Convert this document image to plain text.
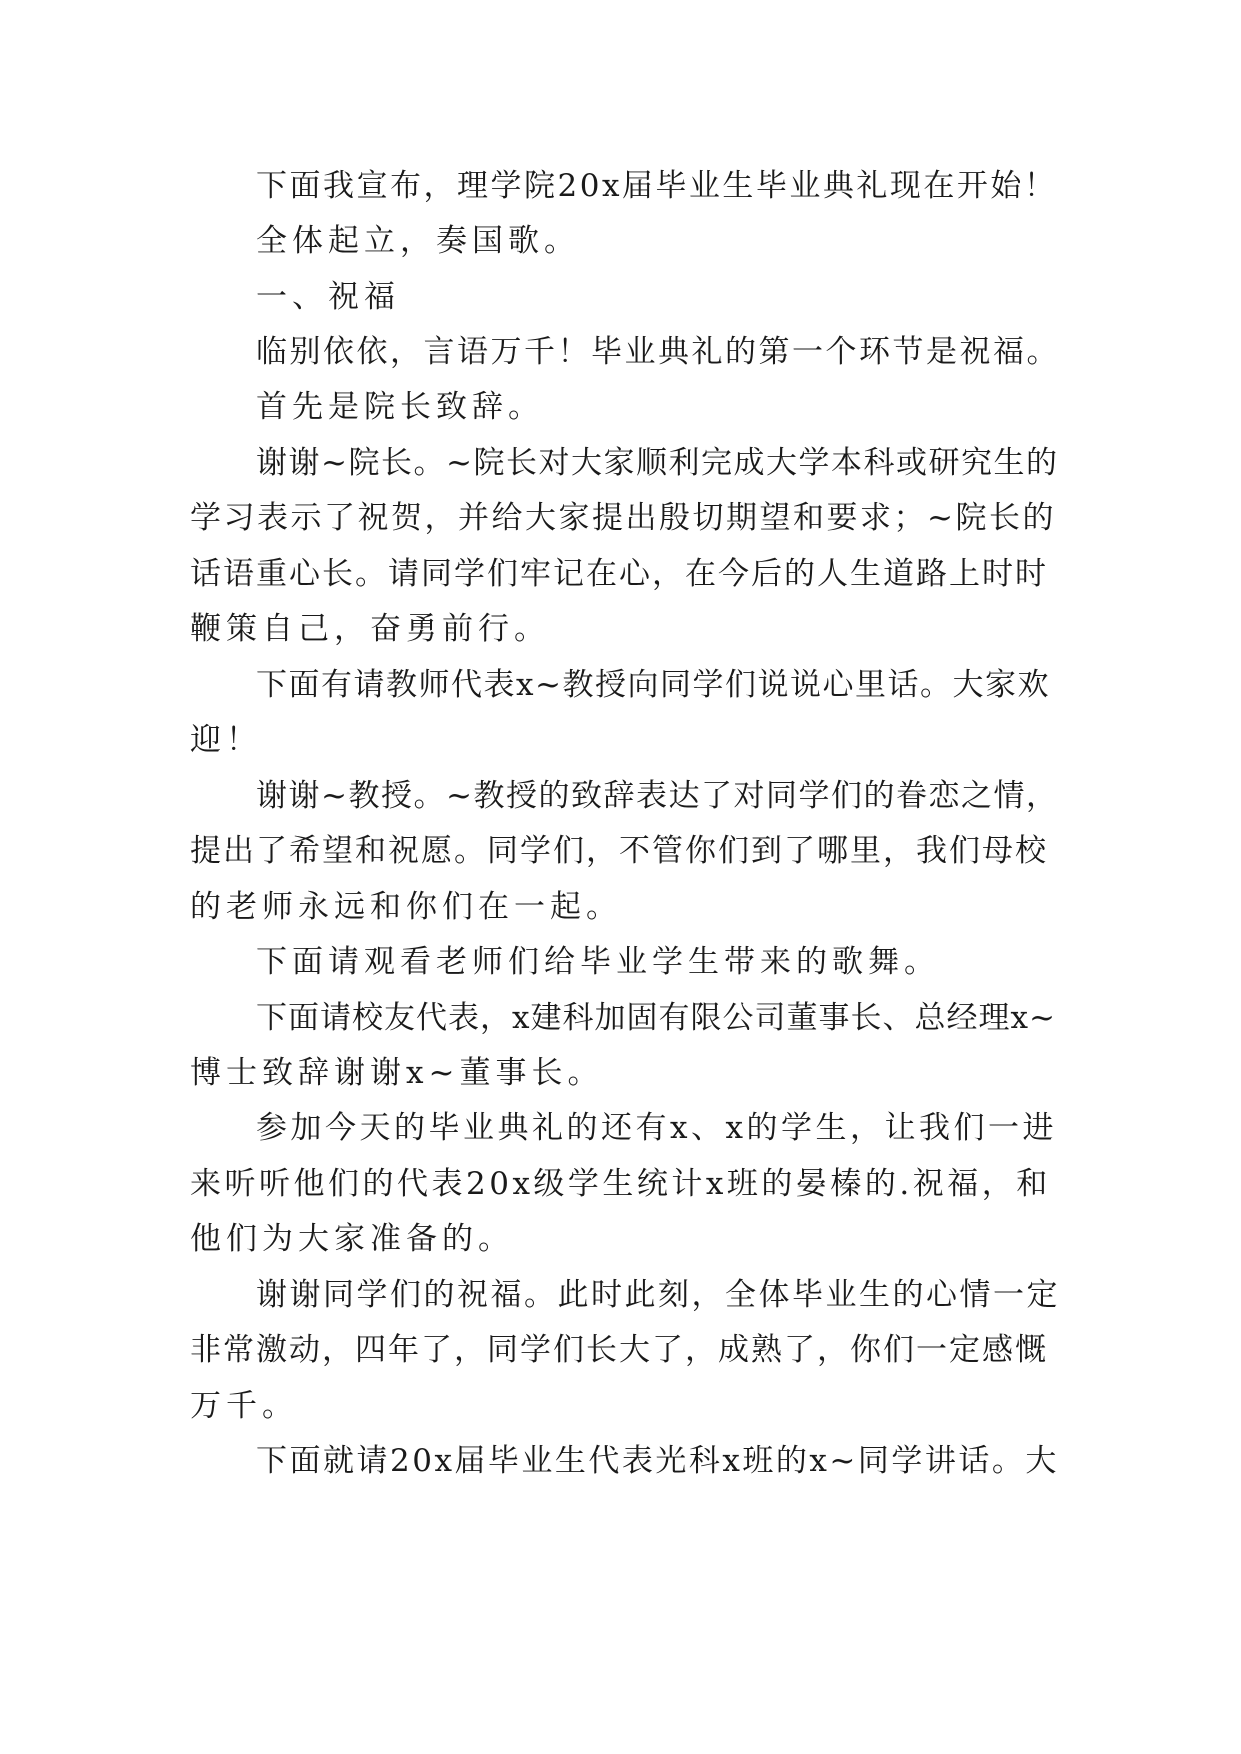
下面我宣布，理学院20x届毕业生毕业典礼现在开始！
全体起立，奏国歌。
一、祝福
临别依依，言语万千！毕业典礼的第一个环节是祝福。
首先是院长致辞。
谢谢~院长。~院长对大家顺利完成大学本科或研究生的
学习表示了祝贺，并给大家提出殷切期望和要求；~院长的
话语重心长。请同学们牢记在心，在今后的人生道路上时时
鞭策自己，奋勇前行。
下面有请教师代表x~教授向同学们说说心里话。大家欢
迎！
谢谢~教授。~教授的致辞表达了对同学们的眷恋之情，
提出了希望和祝愿。同学们，不管你们到了哪里，我们母校
的老师永远和你们在一起。
下面请观看老师们给毕业学生带来的歌舞。
下面请校友代表，x建科加固有限公司董事长、总经理x~
博士致辞谢谢x~董事长。
参加今天的毕业典礼的还有x、x的学生，让我们一进
来听听他们的代表20x级学生统计x班的晏榛的.祝福，和
他们为大家准备的。
谢谢同学们的祝福。此时此刻，全体毕业生的心情一定
非常激动，四年了，同学们长大了，成熟了，你们一定感慨
万千。
下面就请20x届毕业生代表光科x班的x~同学讲话。大
